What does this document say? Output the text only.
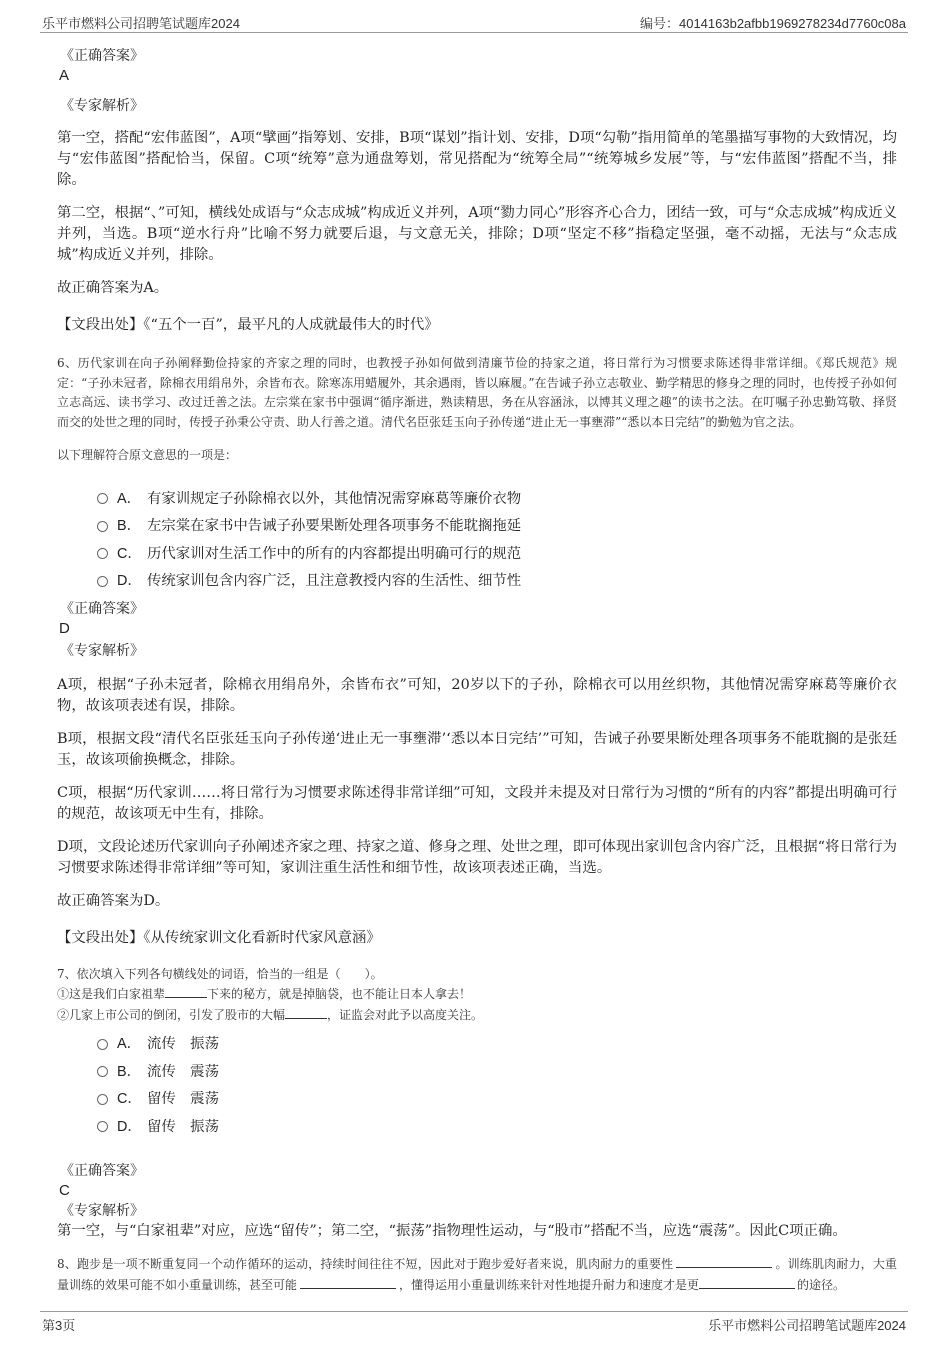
乐平市燃料公司招聘笔试题库2024	编号：4014163b2afbb1969278234d7760c08a
《正确答案》
A
《专家解析》
第一空，搭配“宏伟蓝图”，A项“擘画”指筹划、安排，B项“谋划”指计划、安排，D项“勾勒”指用简单的笔墨描写事物的大致情况，均与“宏伟蓝图”搭配恰当，保留。C项“统筹”意为通盘筹划，常见搭配为“统筹全局”“统筹城乡发展”等，与“宏伟蓝图”搭配不当，排除。
第二空，根据“、”可知，横线处成语与“众志成城”构成近义并列，A项“勠力同心”形容齐心合力，团结一致，可与“众志成城”构成近义并列，当选。B项“逆水行舟”比喻不努力就要后退，与文意无关，排除；D项“坚定不移”指稳定坚强，毫不动摇，无法与“众志成城”构成近义并列，排除。
故正确答案为A。
【文段出处】《“五个一百”，最平凡的人成就最伟大的时代》
6、历代家训在向子孙阐释勤俭持家的齐家之理的同时，也教授子孙如何做到清廉节俭的持家之道，将日常行为习惯要求陈述得非常详细。《郑氏规范》规定：“子孙未冠者，除棉衣用绢帛外，余皆布衣。除寒冻用蜡履外，其余遇雨，皆以麻履。”在告诫子孙立志敬业、勤学精思的修身之理的同时，也传授子孙如何立志高远、读书学习、改过迁善之法。左宗棠在家书中强调“循序渐进，熟读精思，务在从容涵泳，以博其义理之趣”的读书之法。在叮嘱子孙忠勤笃敬、择贤而交的处世之理的同时，传授子孙秉公守责、助人行善之道。清代名臣张廷玉向子孙传递“进止无一事壅滞”“悉以本日完结”的勤勉为官之法。
以下理解符合原文意思的一项是：
A． 有家训规定子孙除棉衣以外，其他情况需穿麻葛等廉价衣物
B． 左宗棠在家书中告诫子孙要果断处理各项事务不能耽搁拖延
C． 历代家训对生活工作中的所有的内容都提出明确可行的规范
D． 传统家训包含内容广泛，且注意教授内容的生活性、细节性
《正确答案》
D
《专家解析》
A项，根据“子孙未冠者，除棉衣用绢帛外，余皆布衣”可知，20岁以下的子孙，除棉衣可以用丝织物，其他情况需穿麻葛等廉价衣物，故该项表述有误，排除。
B项，根据文段“清代名臣张廷玉向子孙传递‘进止无一事壅滞’‘悉以本日完结’”可知，告诫子孙要果断处理各项事务不能耽搁的是张廷玉，故该项偷换概念，排除。
C项，根据“历代家训……将日常行为习惯要求陈述得非常详细”可知，文段并未提及对日常行为习惯的“所有的内容”都提出明确可行的规范，故该项无中生有，排除。
D项，文段论述历代家训向子孙阐述齐家之理、持家之道、修身之理、处世之理，即可体现出家训包含内容广泛，且根据“将日常行为习惯要求陈述得非常详细”等可知，家训注重生活性和细节性，故该项表述正确，当选。
故正确答案为D。
【文段出处】《从传统家训文化看新时代家风意涵》
7、依次填入下列各句横线处的词语，恰当的一组是（　　）。
①这是我们白家祖辈	下来的秘方，就是掉脑袋，也不能让日本人拿去！
②几家上市公司的倒闭，引发了股市的大幅	，证监会对此予以高度关注。
A． 流传　振荡
B． 流传　震荡
C． 留传　震荡
D． 留传　振荡
《正确答案》
C
《专家解析》
第一空，与“白家祖辈”对应，应选“留传”；第二空，“振荡”指物理性运动，与“股市”搭配不当，应选“震荡”。因此C项正确。
8、跑步是一项不断重复同一个动作循环的运动，持续时间往往不短，因此对于跑步爱好者来说，肌肉耐力的重要性	。训练肌肉耐力，大重量训练的效果可能不如小重量训练，甚至可能	，懂得运用小重量训练来针对性地提升耐力和速度才是更	的途径。
第3页	乐平市燃料公司招聘笔试题库2024
